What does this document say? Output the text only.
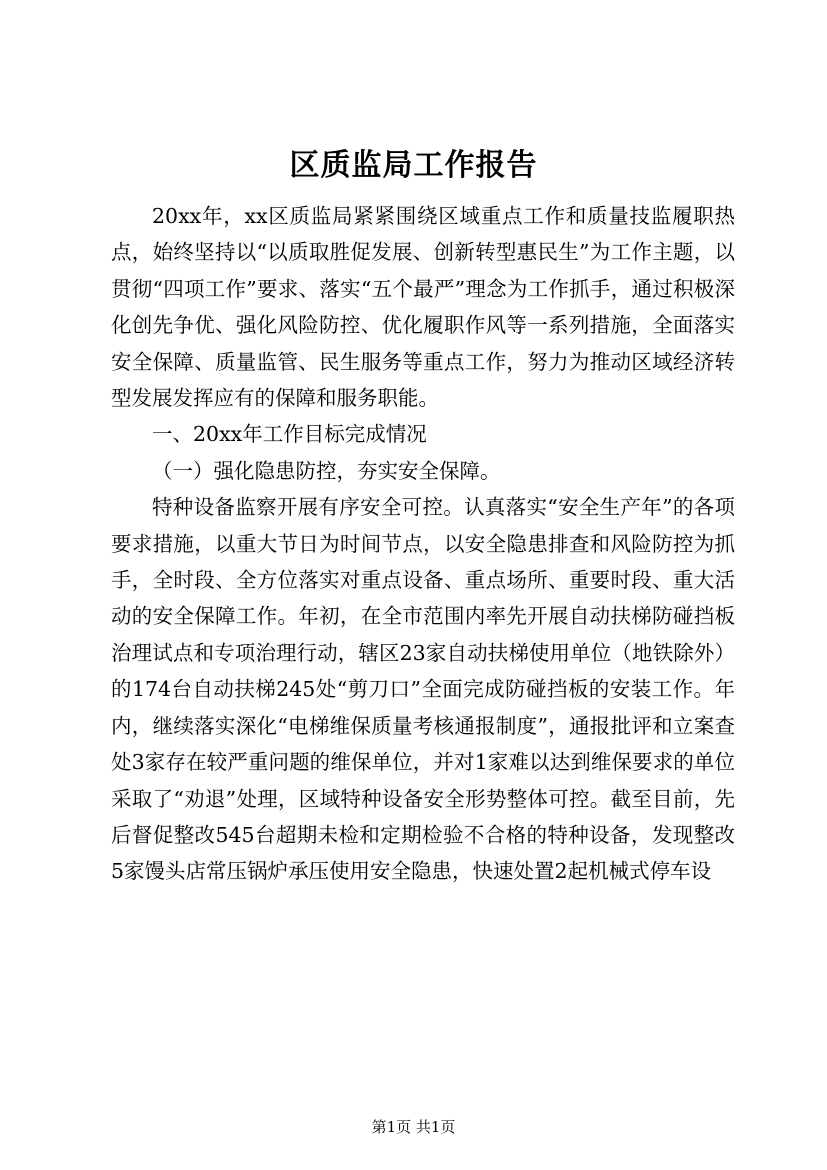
区质监局工作报告

20xx年，xx区质监局紧紧围绕区域重点工作和质量技监履职热点，始终坚持以“以质取胜促发展、创新转型惠民生”为工作主题，以贯彻“四项工作”要求、落实“五个最严”理念为工作抓手，通过积极深化创先争优、强化风险防控、优化履职作风等一系列措施，全面落实安全保障、质量监管、民生服务等重点工作，努力为推动区域经济转型发展发挥应有的保障和服务职能。

一、20xx年工作目标完成情况

（一）强化隐患防控，夯实安全保障。

特种设备监察开展有序安全可控。认真落实“安全生产年”的各项要求措施，以重大节日为时间节点，以安全隐患排查和风险防控为抓手，全时段、全方位落实对重点设备、重点场所、重要时段、重大活动的安全保障工作。年初，在全市范围内率先开展自动扶梯防碰挡板治理试点和专项治理行动，辖区23家自动扶梯使用单位（地铁除外）的174台自动扶梯245处“剪刀口”全面完成防碰挡板的安装工作。年内，继续落实深化“电梯维保质量考核通报制度”，通报批评和立案查处3家存在较严重问题的维保单位，并对1家难以达到维保要求的单位采取了“劝退”处理，区域特种设备安全形势整体可控。截至目前，先后督促整改545台超期未检和定期检验不合格的特种设备，发现整改5家馒头店常压锅炉承压使用安全隐患，快速处置2起机械式停车设

第1页 共1页
